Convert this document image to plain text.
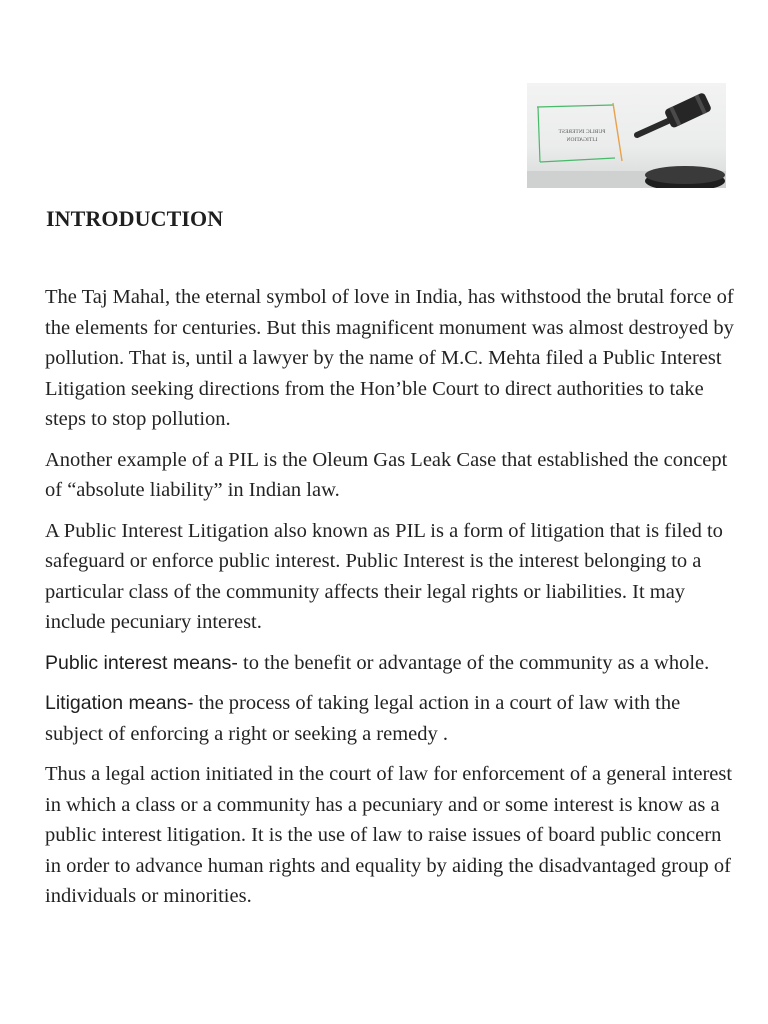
PUBLIC INTEREST
LITIGATION
INTRODUCTION

The Taj Mahal, the eternal symbol of love in India, has withstood the brutal force of the elements for centuries. But this magnificent monument was almost destroyed by pollution. That is, until a lawyer by the name of M.C. Mehta filed a Public Interest Litigation seeking directions from the Hon’ble Court to direct authorities to take steps to stop pollution.

Another example of a PIL is the Oleum Gas Leak Case that established the concept of “absolute liability” in Indian law.

A Public Interest Litigation also known as PIL is a form of litigation that is filed to safeguard or enforce public interest. Public Interest is the interest belonging to a particular class of the community affects their legal rights or liabilities. It may include pecuniary interest.

Public interest means- to the benefit or advantage of the community as a whole.

Litigation means- the process of taking legal action in a court of law with the subject of enforcing a right or seeking a remedy .

Thus a legal action initiated in the court of law for enforcement of a general interest in which a class or a community has a pecuniary and or some interest is know as a public interest litigation. It is the use of law to raise issues of board public concern in order to advance human rights and equality by aiding the disadvantaged group of individuals or minorities.
